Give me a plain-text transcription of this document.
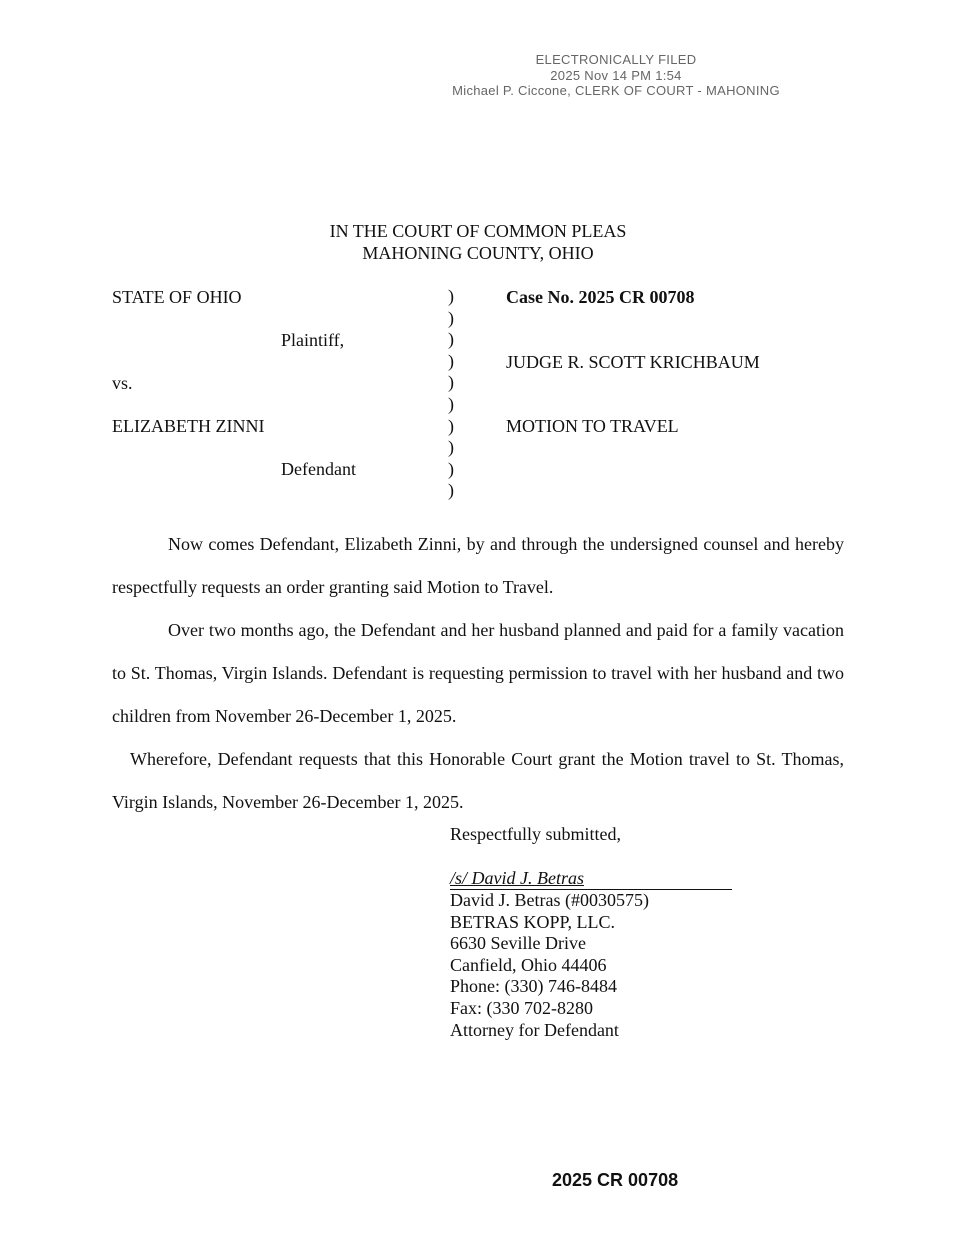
ELECTRONICALLY FILED
2025 Nov 14 PM 1:54
Michael P. Ciccone, CLERK OF COURT - MAHONING
IN THE COURT OF COMMON PLEAS
MAHONING COUNTY, OHIO
STATE OF OHIO
Plaintiff,
vs.
ELIZABETH ZINNI
Defendant
)
)
)
)
)
)
)
)
)
)
Case No. 2025 CR 00708
JUDGE R. SCOTT KRICHBAUM
MOTION TO TRAVEL
Now comes Defendant, Elizabeth Zinni, by and through the undersigned counsel and hereby respectfully requests an order granting said Motion to Travel.
Over two months ago, the Defendant and her husband planned and paid for a family vacation to St. Thomas, Virgin Islands. Defendant is requesting permission to travel with her husband and two children from November 26-December 1, 2025.
Wherefore, Defendant requests that this Honorable Court grant the Motion travel to St. Thomas, Virgin Islands, November 26-December 1, 2025.
Respectfully submitted,
/s/ David J. Betras
David J. Betras (#0030575)
BETRAS KOPP, LLC.
6630 Seville Drive
Canfield, Ohio 44406
Phone: (330) 746-8484
Fax: (330 702-8280
Attorney for Defendant
2025 CR 00708
